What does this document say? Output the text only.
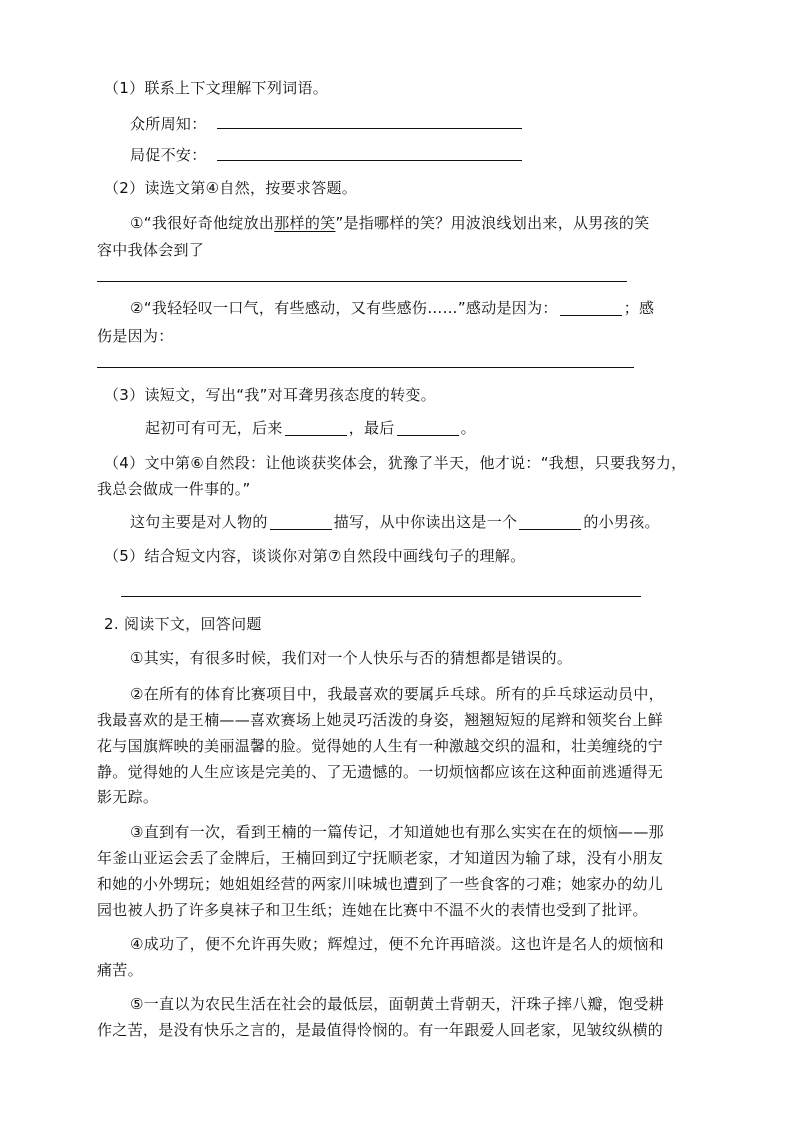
（1）联系上下文理解下列词语。
众所周知：
局促不安：
（2）读选文第④自然，按要求答题。
①“我很好奇他绽放出那样的笑”是指哪样的笑？用波浪线划出来，从男孩的笑
容中我体会到了
②“我轻轻叹一口气，有些感动，又有些感伤……”感动是因为：	；感
伤是因为：
（3）读短文，写出“我”对耳聋男孩态度的转变。
起初可有可无，后来	，最后	。
（4）文中第⑥自然段：让他谈获奖体会，犹豫了半天，他才说：“我想，只要我努力，
我总会做成一件事的。”
这句主要是对人物的	描写，从中你读出这是一个	的小男孩。
（5）结合短文内容，谈谈你对第⑦自然段中画线句子的理解。
2. 阅读下文，回答问题
①其实，有很多时候，我们对一个人快乐与否的猜想都是错误的。
②在所有的体育比赛项目中，我最喜欢的要属乒乓球。所有的乒乓球运动员中，
我最喜欢的是王楠——喜欢赛场上她灵巧活泼的身姿，翘翘短短的尾辫和领奖台上鲜
花与国旗辉映的美丽温馨的脸。觉得她的人生有一种激越交织的温和，壮美缠绕的宁
静。觉得她的人生应该是完美的、了无遗憾的。一切烦恼都应该在这种面前逃遁得无
影无踪。
③直到有一次，看到王楠的一篇传记，才知道她也有那么实实在在的烦恼——那
年釜山亚运会丢了金牌后，王楠回到辽宁抚顺老家，才知道因为输了球，没有小朋友
和她的小外甥玩；她姐姐经营的两家川味城也遭到了一些食客的刁难；她家办的幼儿
园也被人扔了许多臭袜子和卫生纸；连她在比赛中不温不火的表情也受到了批评。
④成功了，便不允许再失败；辉煌过，便不允许再暗淡。这也许是名人的烦恼和
痛苦。
⑤一直以为农民生活在社会的最低层，面朝黄土背朝天，汗珠子摔八瓣，饱受耕
作之苦，是没有快乐之言的，是最值得怜悯的。有一年跟爱人回老家，见皱纹纵横的
